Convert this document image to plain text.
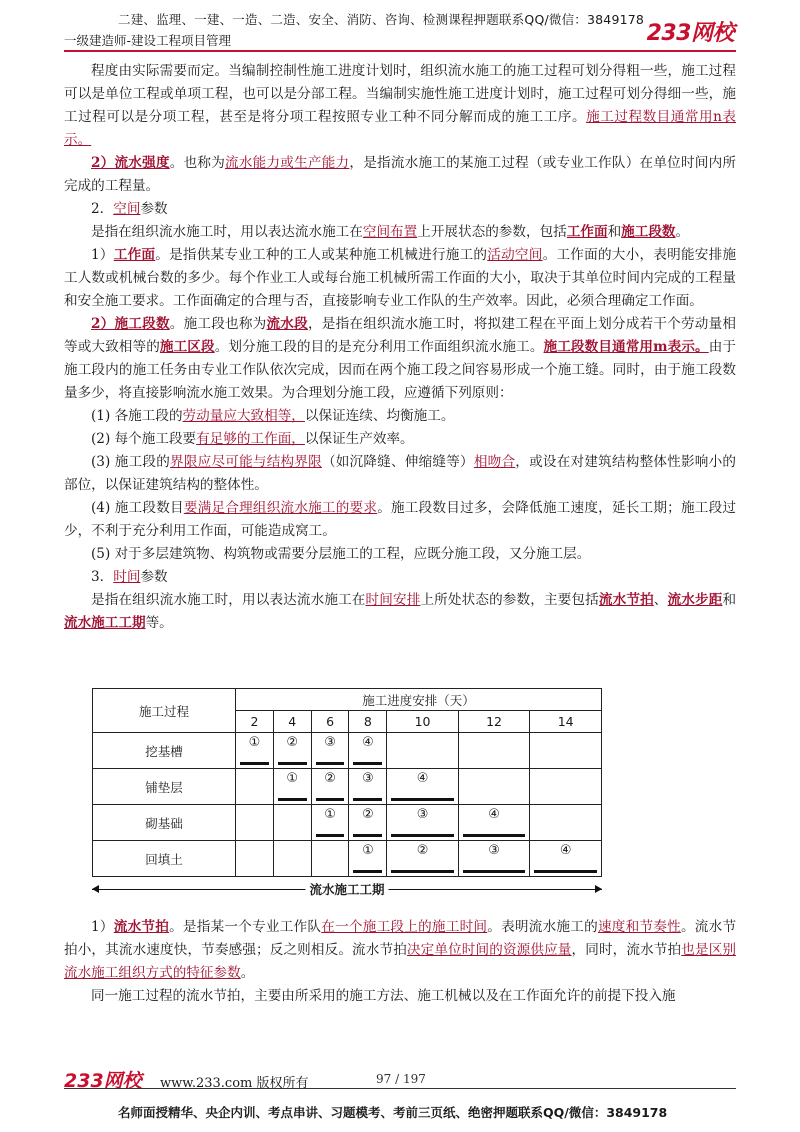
二建、监理、一建、一造、二造、安全、消防、咨询、检测课程押题联系QQ/微信：3849178
一级建造师-建设工程项目管理	233网校

程度由实际需要而定。当编制控制性施工进度计划时，组织流水施工的施工过程可划分得粗一些，施工过程可以是单位工程或单项工程，也可以是分部工程。当编制实施性施工进度计划时，施工过程可划分得细一些，施工过程可以是分项工程，甚至是将分项工程按照专业工种不同分解而成的施工工序。施工过程数目通常用n表示。

2）流水强度。也称为流水能力或生产能力，是指流水施工的某施工过程（或专业工作队）在单位时间内所完成的工程量。

2．空间参数

是指在组织流水施工时，用以表达流水施工在空间布置上开展状态的参数，包括工作面和施工段数。

1）工作面。是指供某专业工种的工人或某种施工机械进行施工的活动空间。工作面的大小，表明能安排施工人数或机械台数的多少。每个作业工人或每台施工机械所需工作面的大小，取决于其单位时间内完成的工程量和安全施工要求。工作面确定的合理与否，直接影响专业工作队的生产效率。因此，必须合理确定工作面。

2）施工段数。施工段也称为流水段，是指在组织流水施工时，将拟建工程在平面上划分成若干个劳动量相等或大致相等的施工区段。划分施工段的目的是充分利用工作面组织流水施工。施工段数目通常用m表示。由于施工段内的施工任务由专业工作队依次完成，因而在两个施工段之间容易形成一个施工缝。同时，由于施工段数量多少，将直接影响流水施工效果。为合理划分施工段，应遵循下列原则：

(1) 各施工段的劳动量应大致相等，以保证连续、均衡施工。

(2) 每个施工段要有足够的工作面，以保证生产效率。

(3) 施工段的界限应尽可能与结构界限（如沉降缝、伸缩缝等）相吻合，或设在对建筑结构整体性影响小的部位，以保证建筑结构的整体性。

(4) 施工段数目要满足合理组织流水施工的要求。施工段数目过多，会降低施工速度，延长工期；施工段过少，不利于充分利用工作面，可能造成窝工。

(5) 对于多层建筑物、构筑物或需要分层施工的工程，应既分施工段，又分施工层。

3．时间参数

是指在组织流水施工时，用以表达流水施工在时间安排上所处状态的参数，主要包括流水节拍、流水步距和流水施工工期等。

施工过程	施工进度安排（天）						
	2	4	6	8	10	12	14
挖基槽	①	②	③	④			

铺垫层		①	②	③	④		

砌基础			①	②	③	④	

回填土				①	②	③	④
流水施工工期

1）流水节拍。是指某一个专业工作队在一个施工段上的施工时间。表明流水施工的速度和节奏性。流水节拍小，其流水速度快，节奏感强；反之则相反。流水节拍决定单位时间的资源供应量，同时，流水节拍也是区别流水施工组织方式的特征参数。

同一施工过程的流水节拍，主要由所采用的施工方法、施工机械以及在工作面允许的前提下投入施

233网校 www.233.com 版权所有	97 / 197
名师面授精华、央企内训、考点串讲、习题模考、考前三页纸、绝密押题联系QQ/微信：3849178
